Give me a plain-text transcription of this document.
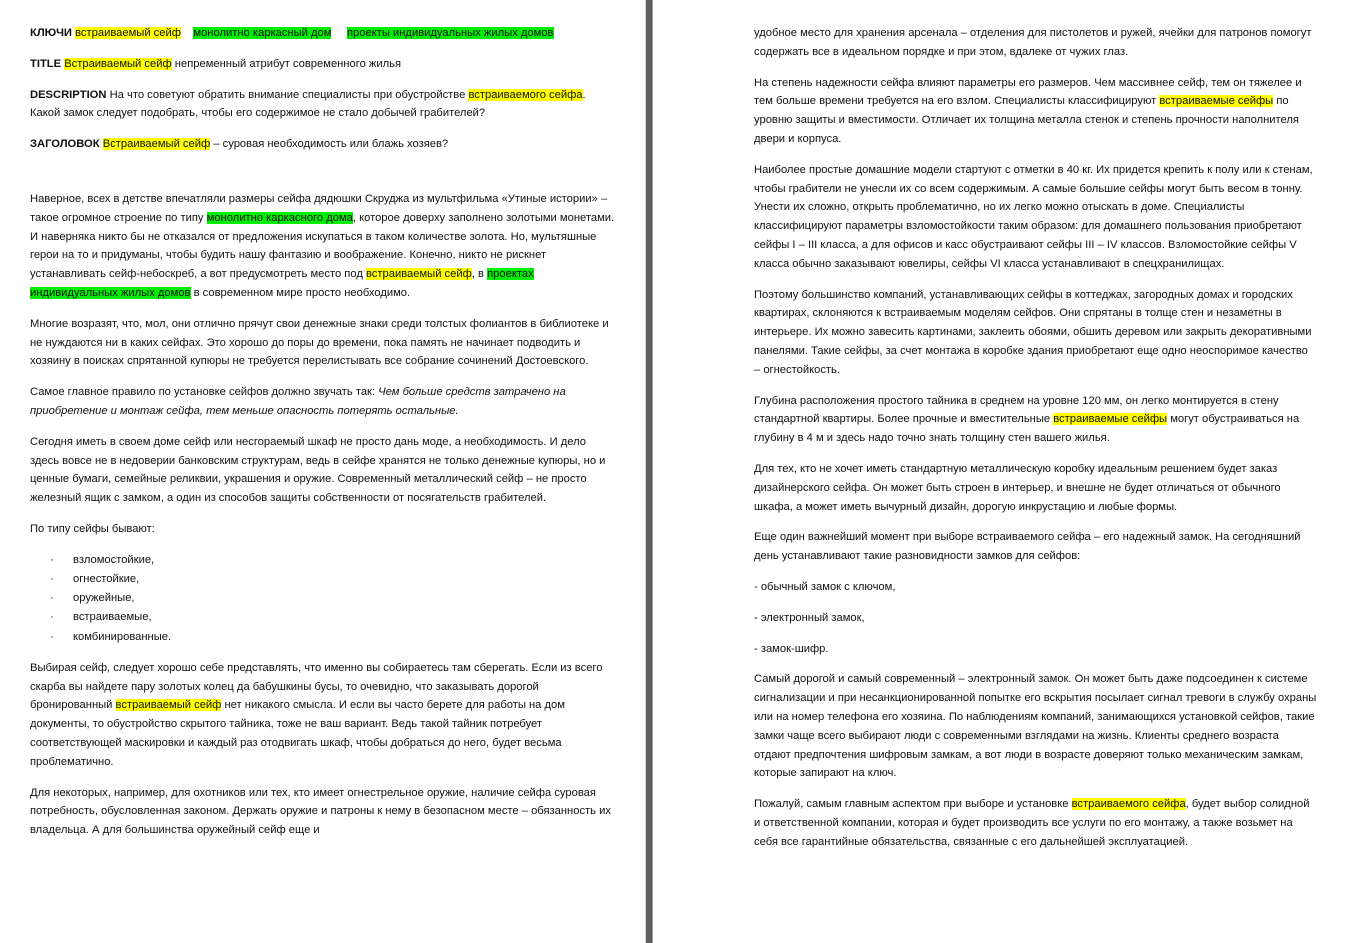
КЛЮЧИ встраиваемый сейф монолитно каркасный дом проекты индивидуальных жилых домов

TITLE Встраиваемый сейф непременный атрибут современного жилья

DESCRIPTION На что советуют обратить внимание специалисты при обустройстве встраиваемого сейфа. Какой замок следует подобрать, чтобы его содержимое не стало добычей грабителей?

ЗАГОЛОВОК Встраиваемый сейф – суровая необходимость или блажь хозяев?

Наверное, всех в детстве впечатляли размеры сейфа дядюшки Скруджа из мультфильма «Утиные истории» – такое огромное строение по типу монолитно каркасного дома, которое доверху заполнено золотыми монетами. И наверняка никто бы не отказался от предложения искупаться в таком количестве золота. Но, мультяшные герои на то и придуманы, чтобы будить нашу фантазию и воображение. Конечно, никто не рискнет устанавливать сейф-небоскреб, а вот предусмотреть место под встраиваемый сейф, в проектах индивидуальных жилых домов в современном мире просто необходимо.

Многие возразят, что, мол, они отлично прячут свои денежные знаки среди толстых фолиантов в библиотеке и не нуждаются ни в каких сейфах. Это хорошо до поры до времени, пока память не начинает подводить и хозяину в поисках спрятанной купюры не требуется перелистывать все собрание сочинений Достоевского.

Самое главное правило по установке сейфов должно звучать так: Чем больше средств затрачено на приобретение и монтаж сейфа, тем меньше опасность потерять остальные.

Сегодня иметь в своем доме сейф или несгораемый шкаф не просто дань моде, а необходимость. И дело здесь вовсе не в недоверии банковским структурам, ведь в сейфе хранятся не только денежные купюры, но и ценные бумаги, семейные реликвии, украшения и оружие. Современный металлический сейф – не просто железный ящик с замком, а один из способов защиты собственности от посягательств грабителей.

По типу сейфы бывают:

· взломостойкие,
· огнестойкие,
· оружейные,
· встраиваемые,
· комбинированные.

Выбирая сейф, следует хорошо себе представлять, что именно вы собираетесь там сберегать. Если из всего скарба вы найдете пару золотых колец да бабушкины бусы, то очевидно, что заказывать дорогой бронированный встраиваемый сейф нет никакого смысла. И если вы часто берете для работы на дом документы, то обустройство скрытого тайника, тоже не ваш вариант. Ведь такой тайник потребует соответствующей маскировки и каждый раз отодвигать шкаф, чтобы добраться до него, будет весьма проблематично.

Для некоторых, например, для охотников или тех, кто имеет огнестрельное оружие, наличие сейфа суровая потребность, обусловленная законом. Держать оружие и патроны к нему в безопасном месте – обязанность их владельца. А для большинства оружейный сейф еще и

удобное место для хранения арсенала – отделения для пистолетов и ружей, ячейки для патронов помогут содержать все в идеальном порядке и при этом, вдалеке от чужих глаз.

На степень надежности сейфа влияют параметры его размеров. Чем массивнее сейф, тем он тяжелее и тем больше времени требуется на его взлом. Специалисты классифицируют встраиваемые сейфы по уровню защиты и вместимости. Отличает их толщина металла стенок и степень прочности наполнителя двери и корпуса.

Наиболее простые домашние модели стартуют с отметки в 40 кг. Их придется крепить к полу или к стенам, чтобы грабители не унесли их со всем содержимым. А самые большие сейфы могут быть весом в тонну. Унести их сложно, открыть проблематично, но их легко можно отыскать в доме. Специалисты классифицируют параметры взломостойкости таким образом: для домашнего пользования приобретают сейфы I – III класса, а для офисов и касс обустраивают сейфы III – IV классов. Взломостойкие сейфы V класса обычно заказывают ювелиры, сейфы VI класса устанавливают в спецхранилищах.

Поэтому большинство компаний, устанавливающих сейфы в коттеджах, загородных домах и городских квартирах, склоняются к встраиваемым моделям сейфов. Они спрятаны в толще стен и незаметны в интерьере. Их можно завесить картинами, заклеить обоями, обшить деревом или закрыть декоративными панелями. Такие сейфы, за счет монтажа в коробке здания приобретают еще одно неоспоримое качество – огнестойкость.

Глубина расположения простого тайника в среднем на уровне 120 мм, он легко монтируется в стену стандартной квартиры. Более прочные и вместительные встраиваемые сейфы могут обустраиваться на глубину в 4 м и здесь надо точно знать толщину стен вашего жилья.

Для тех, кто не хочет иметь стандартную металлическую коробку идеальным решением будет заказ дизайнерского сейфа. Он может быть строен в интерьер, и внешне не будет отличаться от обычного шкафа, а может иметь вычурный дизайн, дорогую инкрустацию и любые формы.

Еще один важнейший момент при выборе встраиваемого сейфа – его надежный замок. На сегодняшний день устанавливают такие разновидности замков для сейфов:

- обычный замок с ключом,

- электронный замок,

- замок-шифр.

Самый дорогой и самый современный – электронный замок. Он может быть даже подсоединен к системе сигнализации и при несанкционированной попытке его вскрытия посылает сигнал тревоги в службу охраны или на номер телефона его хозяина. По наблюдениям компаний, занимающихся установкой сейфов, такие замки чаще всего выбирают люди с современными взглядами на жизнь. Клиенты среднего возраста отдают предпочтения шифровым замкам, а вот люди в возрасте доверяют только механическим замкам, которые запирают на ключ.

Пожалуй, самым главным аспектом при выборе и установке встраиваемого сейфа, будет выбор солидной и ответственной компании, которая и будет производить все услуги по его монтажу, а также возьмет на себя все гарантийные обязательства, связанные с его дальнейшей эксплуатацией.
